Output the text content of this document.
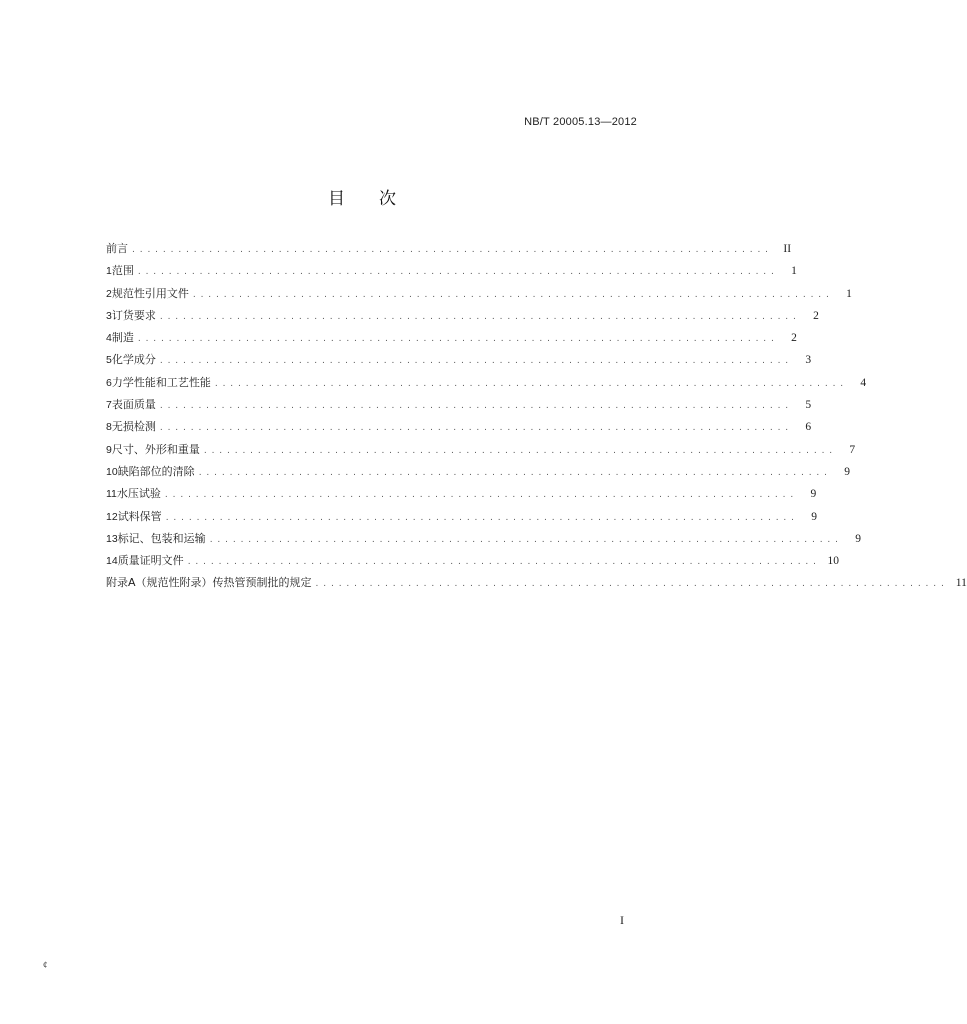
NB/T 20005.13—2012
目次
前言 . . . . . . . . . . . . . . . . . . . . . . . . . . . . . . . . . . . . . . . . . . . . . . . . . . . . . . . . . . . . . . . . . . . . . . . . . . . . . . . . . . .	II
1 范围 . . . . . . . . . . . . . . . . . . . . . . . . . . . . . . . . . . . . . . . . . . . . . . . . . . . . . . . . . . . . . . . . . . . . . . . . . . . . . . . . . . .	1
2 规范性引用文件 . . . . . . . . . . . . . . . . . . . . . . . . . . . . . . . . . . . . . . . . . . . . . . . . . . . . . . . . . . . . . . . . . . . . . . . . . . . . . . . . . . .	1
3 订货要求 . . . . . . . . . . . . . . . . . . . . . . . . . . . . . . . . . . . . . . . . . . . . . . . . . . . . . . . . . . . . . . . . . . . . . . . . . . . . . . . . . . .	2
4 制造 . . . . . . . . . . . . . . . . . . . . . . . . . . . . . . . . . . . . . . . . . . . . . . . . . . . . . . . . . . . . . . . . . . . . . . . . . . . . . . . . . . .	2
5 化学成分 . . . . . . . . . . . . . . . . . . . . . . . . . . . . . . . . . . . . . . . . . . . . . . . . . . . . . . . . . . . . . . . . . . . . . . . . . . . . . . . . . .	3
6 力学性能和工艺性能 . . . . . . . . . . . . . . . . . . . . . . . . . . . . . . . . . . . . . . . . . . . . . . . . . . . . . . . . . . . . . . . . . . . . . . . . . . . . . . . . . .	4
7 表面质量 . . . . . . . . . . . . . . . . . . . . . . . . . . . . . . . . . . . . . . . . . . . . . . . . . . . . . . . . . . . . . . . . . . . . . . . . . . . . . . . . . .	5
8 无损检测 . . . . . . . . . . . . . . . . . . . . . . . . . . . . . . . . . . . . . . . . . . . . . . . . . . . . . . . . . . . . . . . . . . . . . . . . . . . . . . . . . .	6
9 尺寸、外形和重量 . . . . . . . . . . . . . . . . . . . . . . . . . . . . . . . . . . . . . . . . . . . . . . . . . . . . . . . . . . . . . . . . . . . . . . . . . . . . . . . . . .	7
10 缺陷部位的清除 . . . . . . . . . . . . . . . . . . . . . . . . . . . . . . . . . . . . . . . . . . . . . . . . . . . . . . . . . . . . . . . . . . . . . . . . . . . . . . . . . .	9
11 水压试验 . . . . . . . . . . . . . . . . . . . . . . . . . . . . . . . . . . . . . . . . . . . . . . . . . . . . . . . . . . . . . . . . . . . . . . . . . . . . . . . . . .	9
12 试料保管 . . . . . . . . . . . . . . . . . . . . . . . . . . . . . . . . . . . . . . . . . . . . . . . . . . . . . . . . . . . . . . . . . . . . . . . . . . . . . . . . . .	9
13 标记、包装和运输 . . . . . . . . . . . . . . . . . . . . . . . . . . . . . . . . . . . . . . . . . . . . . . . . . . . . . . . . . . . . . . . . . . . . . . . . . . . . . . . . . .	9
14 质量证明文件 . . . . . . . . . . . . . . . . . . . . . . . . . . . . . . . . . . . . . . . . . . . . . . . . . . . . . . . . . . . . . . . . . . . . . . . . . . . . . . . . . . 10
附录A（规范性附录）传热管预制批的规定 . . . . . . . . . . . . . . . . . . . . . . . . . . . . . . . . . . . . . . . . . . . . . . . . . . . . . . . . . . . . . . . . . . . . . . . . . . . . . . . . . . 11
I
¢
